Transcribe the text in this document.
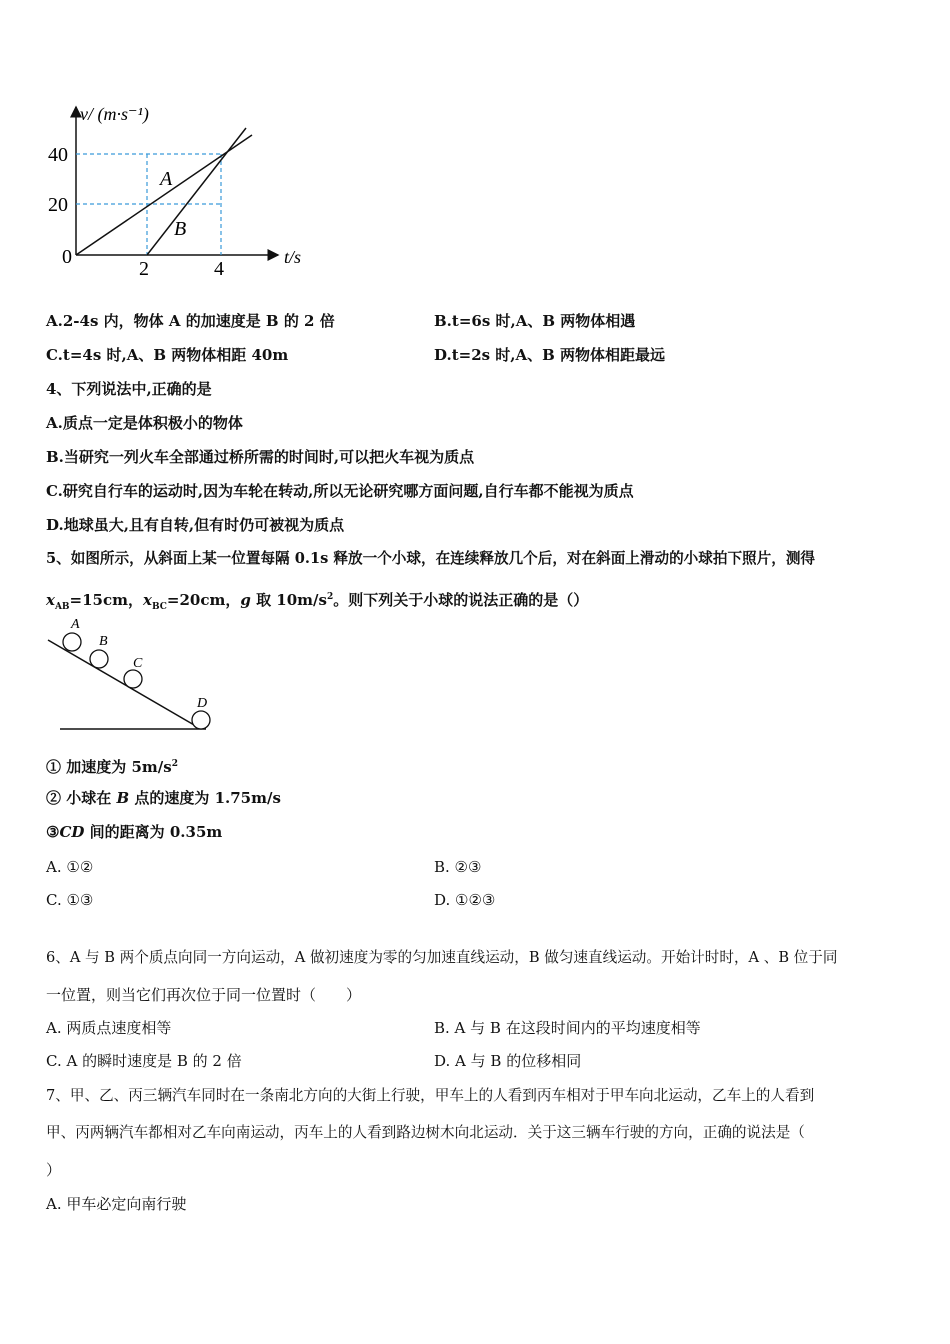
v/ (m·s⁻¹)
t/s
40
20
0
2	4
A
B
A.2-4s 内，物体 A 的加速度是 B 的 2 倍	B.t=6s 时,A、B 两物体相遇
C.t=4s 时,A、B 两物体相距 40m	D.t=2s 时,A、B 两物体相距最远
4、下列说法中,正确的是
A.质点一定是体积极小的物体
B.当研究一列火车全部通过桥所需的时间时,可以把火车视为质点
C.研究自行车的运动时,因为车轮在转动,所以无论研究哪方面问题,自行车都不能视为质点
D.地球虽大,且有自转,但有时仍可被视为质点
5、如图所示，从斜面上某一位置每隔 0.1s 释放一个小球，在连续释放几个后，对在斜面上滑动的小球拍下照片，测得
$x_{AB}=15cm$，$x_{BC}=20cm$，g 取 $10m/s^2$。则下列关于小球的说法正确的是（）
A
B
C
D
① 加速度为 $5m/s^2$
② 小球在 B 点的速度为 1.75m/s
③CD 间的距离为 0.35m
A. ①②	B. ②③
C. ①③	D. ①②③
6、A 与 B 两个质点向同一方向运动，A 做初速度为零的匀加速直线运动，B 做匀速直线运动。开始计时时，A 、B 位于同
一位置，则当它们再次位于同一位置时（　　）
A. 两质点速度相等	B. A 与 B 在这段时间内的平均速度相等
C. A 的瞬时速度是 B 的 2 倍	D. A 与 B 的位移相同
7、甲、乙、丙三辆汽车同时在一条南北方向的大街上行驶，甲车上的人看到丙车相对于甲车向北运动，乙车上的人看到
甲、丙两辆汽车都相对乙车向南运动，丙车上的人看到路边树木向北运动．关于这三辆车行驶的方向，正确的说法是（
）
A. 甲车必定向南行驶
